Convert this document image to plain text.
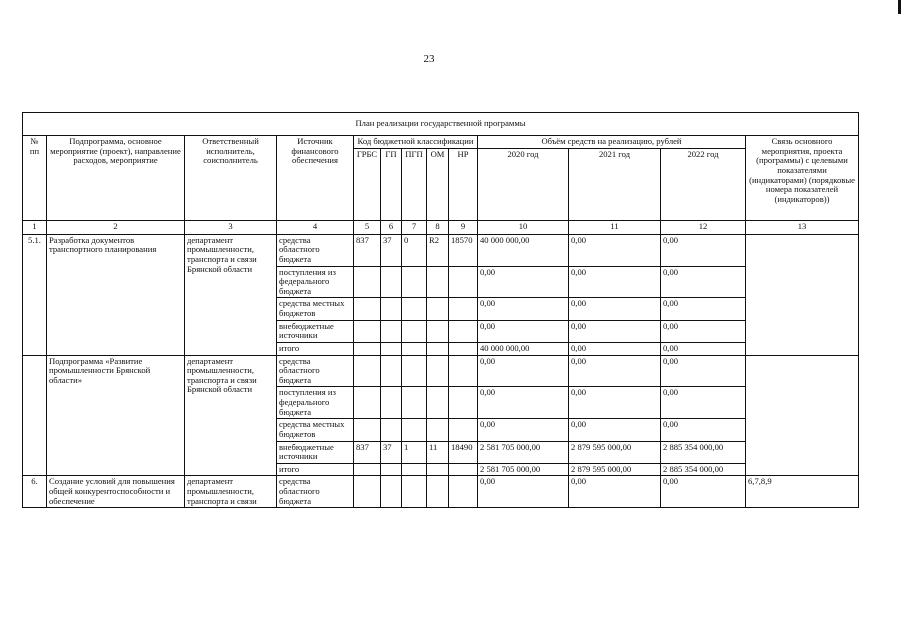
23
План реализации государственной программы												
№ пп	Подпрограмма, основное мероприятие (проект), направление расходов, мероприятие	Ответственный исполнитель, соисполнитель	Источник финансового обеспечения	Код бюджетной классификации					Объём средств на реализацию, рублей			Связь основного мероприятия, проекта (программы) с целевыми показателями (индикаторами) (порядковые номера показателей (индикаторов))
				ГРБС	ГП	ПГП	ОМ	НР	2020 год	2021 год	2022 год	
1	2	3	4	5	6	7	8	9	10	11	12	13
5.1.	Разработка документов транспортного планирования	департамент промышленности, транспорта и связи Брянской области	средства областного бюджета	837	37	0	R2	18570	40 000 000,00	0,00	0,00	
			поступления из федерального бюджета						0,00	0,00	0,00	
			средства местных бюджетов						0,00	0,00	0,00	
			внебюджетные источники						0,00	0,00	0,00	
			итого						40 000 000,00	0,00	0,00	
	Подпрограмма «Развитие промышленности Брянской области»	департамент промышленности, транспорта и связи Брянской области	средства областного бюджета						0,00	0,00	0,00	
			поступления из федерального бюджета						0,00	0,00	0,00	
			средства местных бюджетов						0,00	0,00	0,00	
			внебюджетные источники	837	37	1	11	18490	2 581 705 000,00	2 879 595 000,00	2 885 354 000,00	
			итого						2 581 705 000,00	2 879 595 000,00	2 885 354 000,00	
6.	Создание условий для повышения общей конкурентоспособности и обеспечение	департамент промышленности, транспорта и связи	средства областного бюджета						0,00	0,00	0,00	6,7,8,9
